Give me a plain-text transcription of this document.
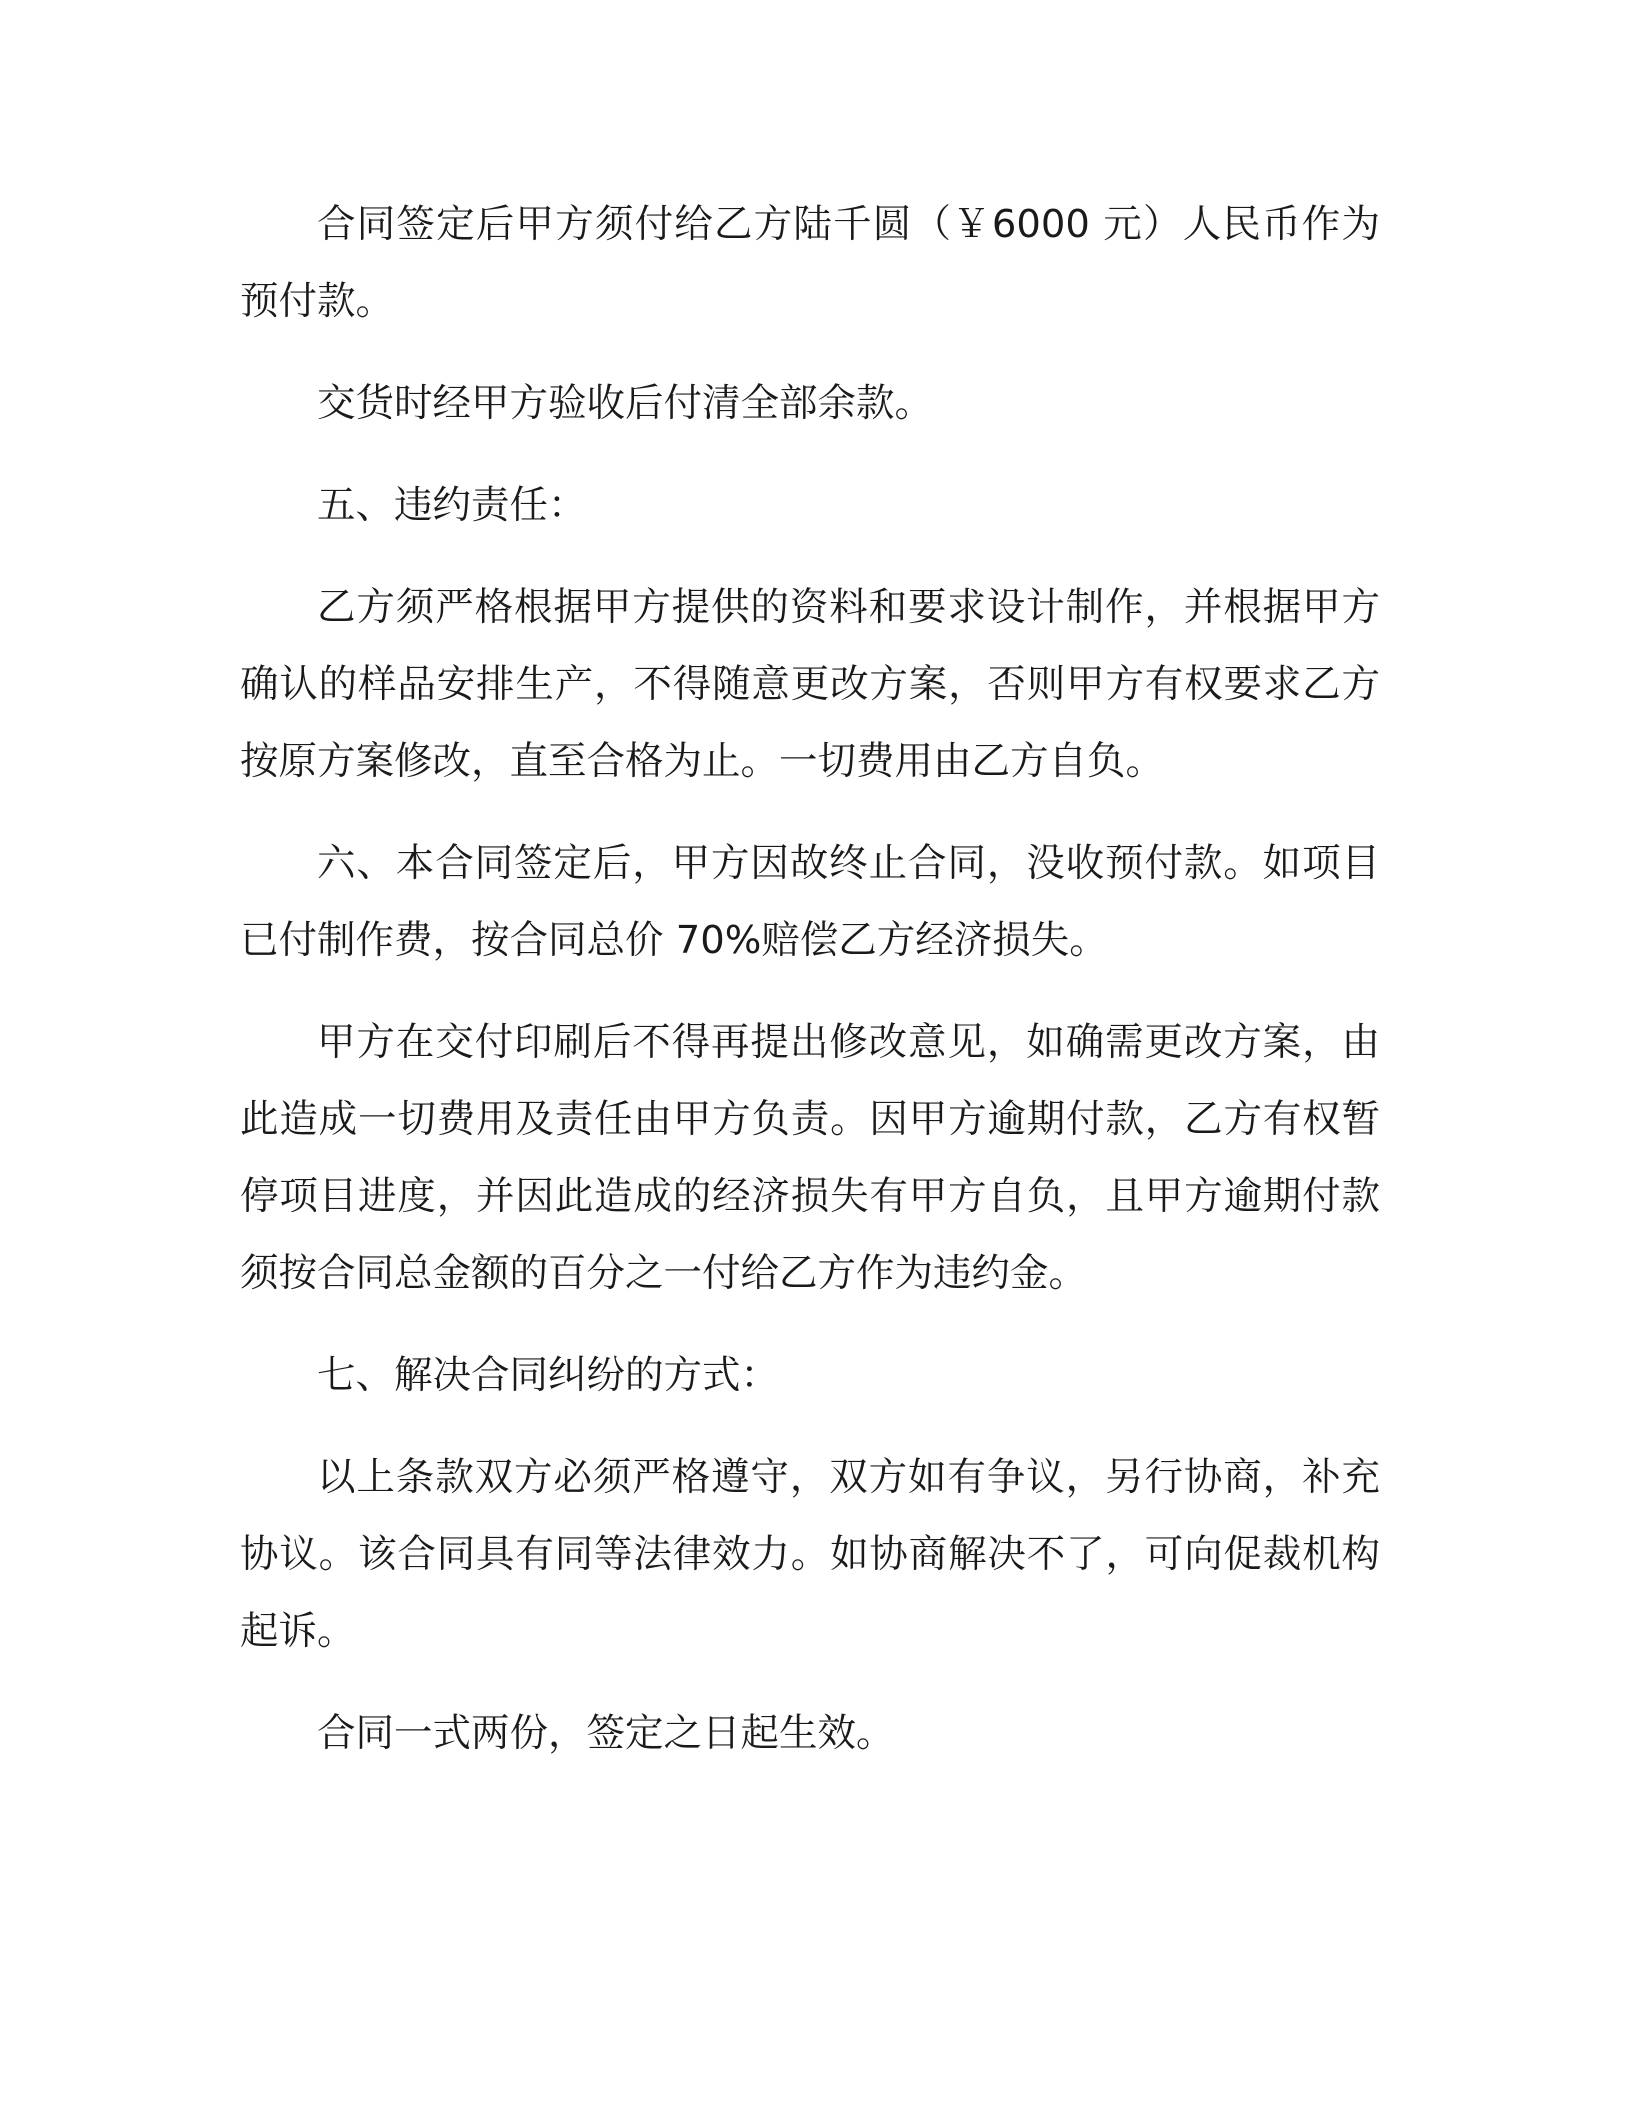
合同签定后甲方须付给乙方陆千圆（￥6000 元）人民币作为预付款。

交货时经甲方验收后付清全部余款。

五、违约责任：

乙方须严格根据甲方提供的资料和要求设计制作，并根据甲方确认的样品安排生产，不得随意更改方案，否则甲方有权要求乙方按原方案修改，直至合格为止。一切费用由乙方自负。

六、本合同签定后，甲方因故终止合同，没收预付款。如项目已付制作费，按合同总价 70%赔偿乙方经济损失。

甲方在交付印刷后不得再提出修改意见，如确需更改方案，由此造成一切费用及责任由甲方负责。因甲方逾期付款，乙方有权暂停项目进度，并因此造成的经济损失有甲方自负，且甲方逾期付款须按合同总金额的百分之一付给乙方作为违约金。

七、解决合同纠纷的方式：

以上条款双方必须严格遵守，双方如有争议，另行协商，补充协议。该合同具有同等法律效力。如协商解决不了，可向促裁机构起诉。

合同一式两份，签定之日起生效。
